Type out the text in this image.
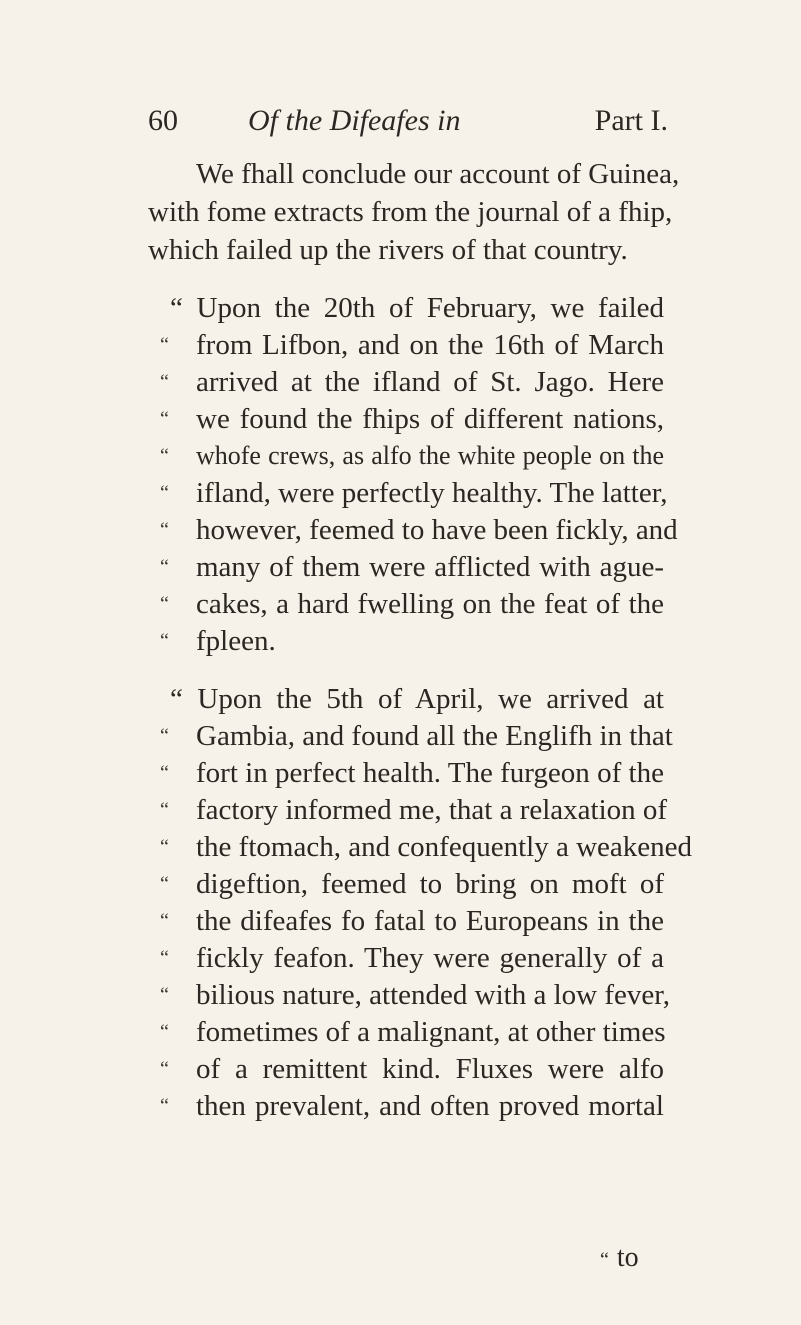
60 Of the Difeafes in	Part I.
We fhall conclude our account of Guinea,
with fome extracts from the journal of a fhip,
which failed up the rivers of that country.
“ Upon the 20th of February, we failed
“ from Lifbon, and on the 16th of March
“ arrived at the ifland of St. Jago. Here
“ we found the fhips of different nations,
“	whofe crews, as alfo the white people on the
“ ifland, were perfectly healthy. The latter,
“ however, feemed to have been fickly, and
“ many of them were afflicted with ague-
“ cakes, a hard fwelling on the feat of the
“ fpleen.
“ Upon the 5th of April, we arrived at
“ Gambia, and found all the Englifh in that
“ fort in perfect health. The furgeon of the
“ factory informed me, that a relaxation of
“ the ftomach, and confequently a weakened
“ digeftion, feemed to bring on moft of
“ the difeafes fo fatal to Europeans in the
“ fickly feafon. They were generally of a
“ bilious nature, attended with a low fever,
“ fometimes of a malignant, at other times
“ of a remittent kind. Fluxes were alfo
“ then prevalent, and often proved mortal
“ to
